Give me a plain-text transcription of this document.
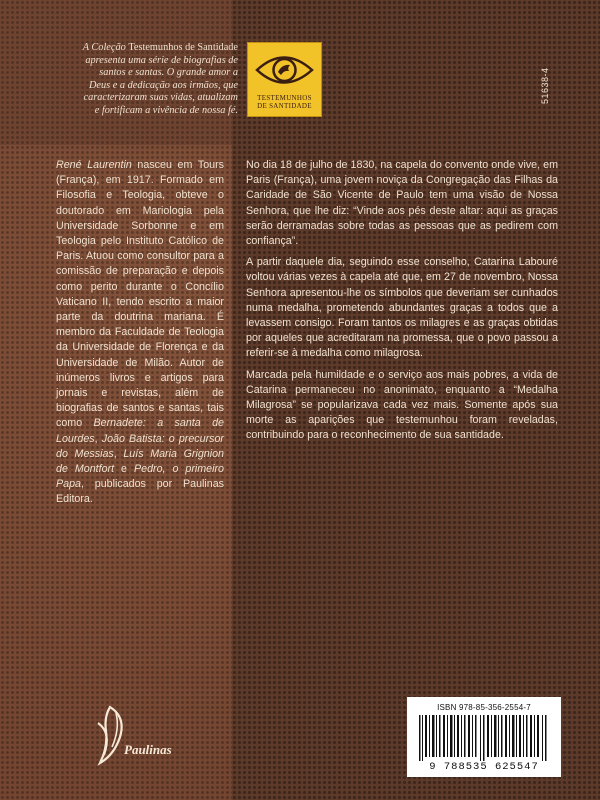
A Coleção Testemunhos de Santidade apresenta uma série de biografias de santos e santas. O grande amor a Deus e a dedicação aos irmãos, que caracterizaram suas vidas, atualizam e fortificam a vivência de nossa fé.
TESTEMUNHOS
DE SANTIDADE
51638-4
René Laurentin nasceu em Tours (França), em 1917. Formado em Filosofia e Teologia, obteve o doutorado em Mariologia pela Universidade Sorbonne e em Teologia pelo Instituto Católico de Paris. Atuou como consultor para a comissão de preparação e depois como perito durante o Concílio Vaticano II, tendo escrito a maior parte da doutrina mariana. É membro da Faculdade de Teologia da Universidade de Florença e da Universidade de Milão. Autor de inúmeros livros e artigos para jornais e revistas, além de biografias de santos e santas, tais como Bernadete: a santa de Lourdes, João Batista: o precursor do Messias, Luís Maria Grignion de Montfort e Pedro, o primeiro Papa, publicados por Paulinas Editora.

No dia 18 de julho de 1830, na capela do convento onde vive, em Paris (França), uma jovem noviça da Congregação das Filhas da Caridade de São Vicente de Paulo tem uma visão de Nossa Senhora, que lhe diz: “Vinde aos pés deste altar: aqui as graças serão derramadas sobre todas as pessoas que as pedirem com confiança”.

A partir daquele dia, seguindo esse conselho, Catarina Labouré voltou várias vezes à capela até que, em 27 de novembro, Nossa Senhora apresentou-lhe os símbolos que deveriam ser cunhados numa medalha, prometendo abundantes graças a todos que a levassem consigo. Foram tantos os milagres e as graças obtidas por aqueles que acreditaram na promessa, que o povo passou a referir-se à medalha como milagrosa.

Marcada pela humildade e o serviço aos mais pobres, a vida de Catarina permaneceu no anonimato, enquanto a “Medalha Milagrosa” se popularizava cada vez mais. Somente após sua morte as aparições que testemunhou foram reveladas, contribuindo para o reconhecimento de sua santidade.

Paulinas
ISBN 978-85-356-2554-7
9 788535 625547
